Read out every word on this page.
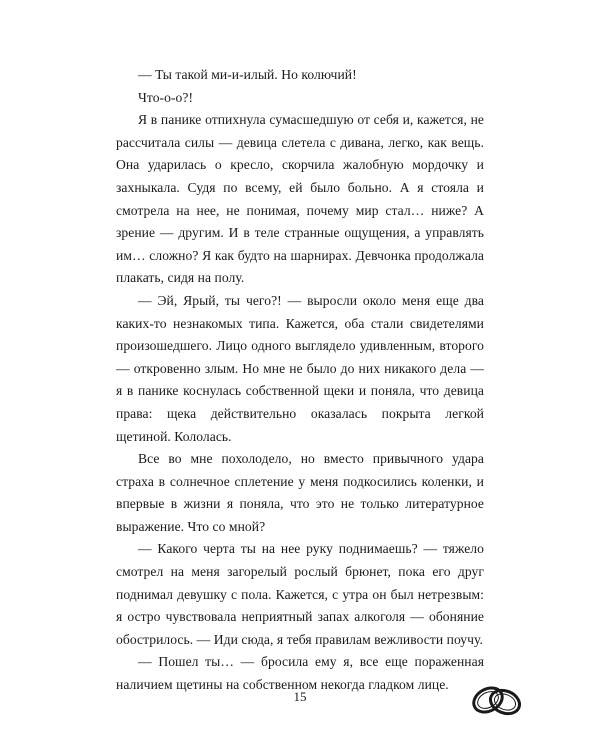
— Ты такой ми-и-илый. Но колючий!

Что-о-о?!

Я в панике отпихнула сумасшедшую от себя и, кажется, не рассчитала силы — девица слетела с дивана, легко, как вещь. Она ударилась о кресло, скорчила жалобную мордочку и захныкала. Судя по всему, ей было больно. А я стояла и смотрела на нее, не понимая, почему мир стал… ниже? А зрение — другим. И в теле странные ощущения, а управлять им… сложно? Я как будто на шарнирах. Девчонка продолжала плакать, сидя на полу.

— Эй, Ярый, ты чего?! — выросли около меня еще два каких-то незнакомых типа. Кажется, оба стали свидетелями произошедшего. Лицо одного выглядело удивленным, второго — откровенно злым. Но мне не было до них никакого дела — я в панике коснулась собственной щеки и поняла, что девица права: щека действительно оказалась покрыта легкой щетиной. Кололась.

Все во мне похолодело, но вместо привычного удара страха в солнечное сплетение у меня подкосились коленки, и впервые в жизни я поняла, что это не только литературное выражение. Что со мной?

— Какого черта ты на нее руку поднимаешь? — тяжело смотрел на меня загорелый рослый брюнет, пока его друг поднимал девушку с пола. Кажется, с утра он был нетрезвым: я остро чувствовала неприятный запах алкоголя — обоняние обострилось. — Иди сюда, я тебя правилам вежливости поучу.

— Пошел ты… — бросила ему я, все еще пораженная наличием щетины на собственном некогда гладком лице.

15
